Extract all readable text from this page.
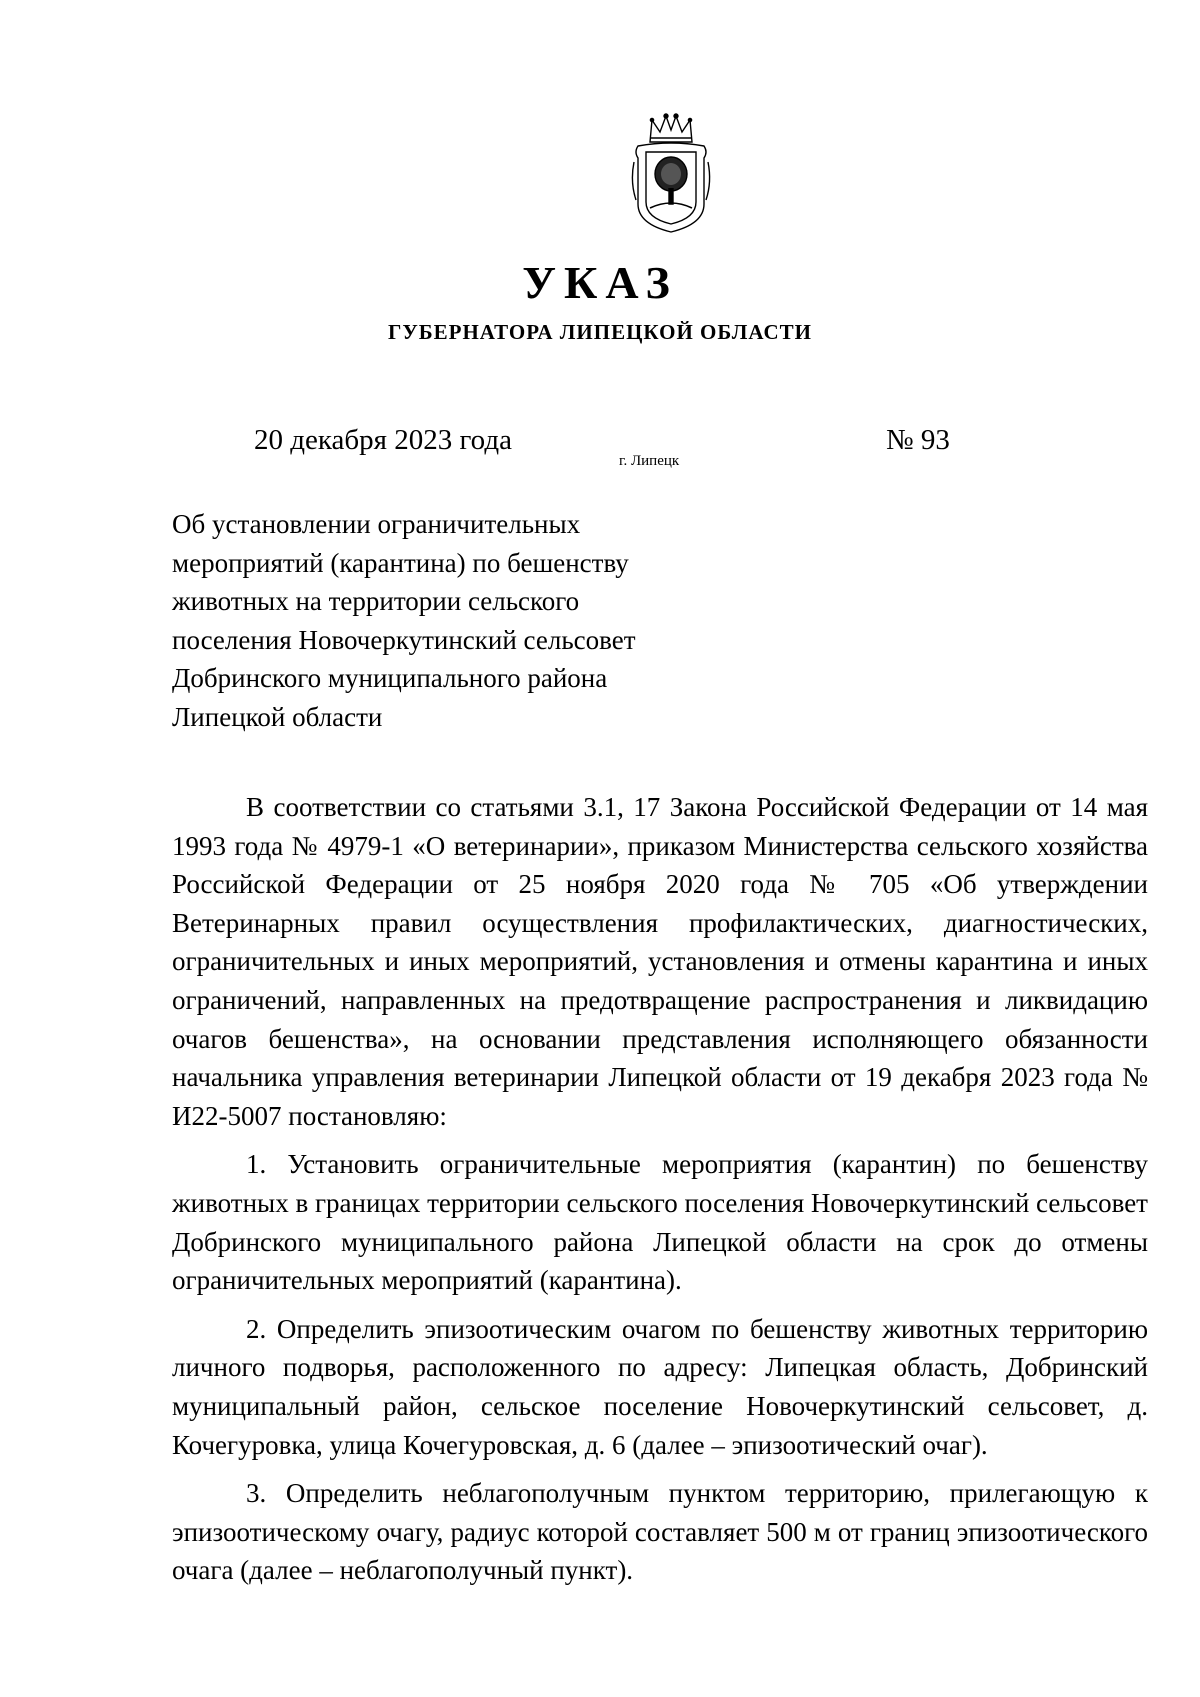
УКАЗ
ГУБЕРНАТОРА ЛИПЕЦКОЙ ОБЛАСТИ
20 декабря 2023 года
г. Липецк
№ 93
Об установлении ограничительных
мероприятий (карантина) по бешенству
животных на территории сельского
поселения Новочеркутинский сельсовет
Добринского муниципального района
Липецкой области

В соответствии со статьями 3.1, 17 Закона Российской Федерации от 14 мая 1993 года № 4979-1 «О ветеринарии», приказом Министерства сельского хозяйства Российской Федерации от 25 ноября 2020 года № 705 «Об утверждении Ветеринарных правил осуществления профилактических, диагностических, ограничительных и иных мероприятий, установления и отмены карантина и иных ограничений, направленных на предотвращение распространения и ликвидацию очагов бешенства», на основании представления исполняющего обязанности начальника управления ветеринарии Липецкой области от 19 декабря 2023 года № И22-5007 постановляю:

1. Установить ограничительные мероприятия (карантин) по бешенству животных в границах территории сельского поселения Новочеркутинский сельсовет Добринского муниципального района Липецкой области на срок до отмены ограничительных мероприятий (карантина).

2. Определить эпизоотическим очагом по бешенству животных территорию личного подворья, расположенного по адресу: Липецкая область, Добринский муниципальный район, сельское поселение Новочеркутинский сельсовет, д. Кочегуровка, улица Кочегуровская, д. 6 (далее – эпизоотический очаг).

3. Определить неблагополучным пунктом территорию, прилегающую к эпизоотическому очагу, радиус которой составляет 500 м от границ эпизоотического очага (далее – неблагополучный пункт).
